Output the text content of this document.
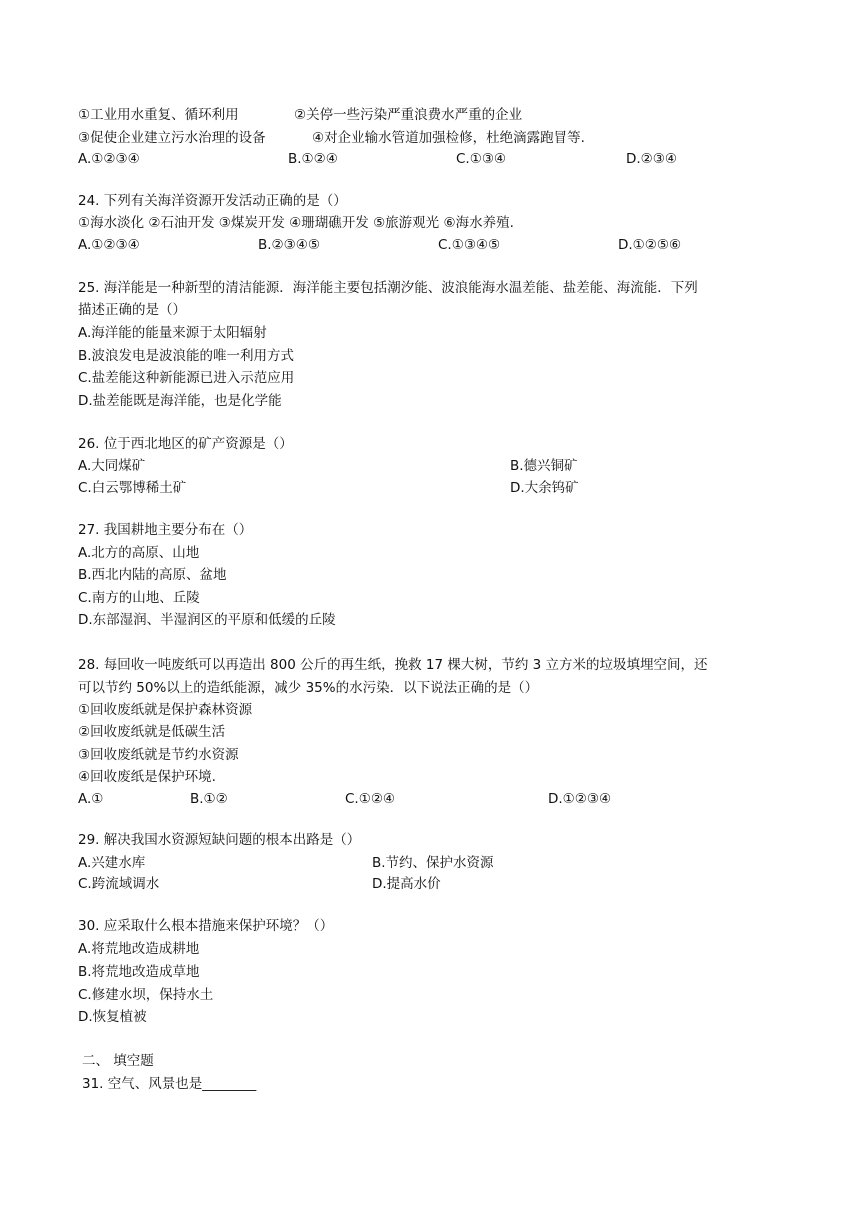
①工业用水重复、循环利用	②关停一些污染严重浪费水严重的企业
③促使企业建立污水治理的设备	④对企业输水管道加强检修，杜绝滴露跑冒等.
A.①②③④	B.①②④	C.①③④	D.②③④
24. 下列有关海洋资源开发活动正确的是（）
①海水淡化 ②石油开发 ③煤炭开发 ④珊瑚礁开发 ⑤旅游观光 ⑥海水养殖.
A.①②③④	B.②③④⑤	C.①③④⑤	D.①②⑤⑥
25. 海洋能是一种新型的清洁能源．海洋能主要包括潮汐能、波浪能海水温差能、盐差能、海流能．下列
描述正确的是（）
A.海洋能的能量来源于太阳辐射
B.波浪发电是波浪能的唯一利用方式
C.盐差能这种新能源已进入示范应用
D.盐差能既是海洋能，也是化学能
26. 位于西北地区的矿产资源是（）
A.大同煤矿	B.德兴铜矿
C.白云鄂博稀土矿	D.大余钨矿
27. 我国耕地主要分布在（）
A.北方的高原、山地
B.西北内陆的高原、盆地
C.南方的山地、丘陵
D.东部湿润、半湿润区的平原和低缓的丘陵
28. 每回收一吨废纸可以再造出 800 公斤的再生纸，挽救 17 棵大树，节约 3 立方米的垃圾填埋空间，还
可以节约 50%以上的造纸能源，减少 35%的水污染．以下说法正确的是（）
①回收废纸就是保护森林资源
②回收废纸就是低碳生活
③回收废纸就是节约水资源
④回收废纸是保护环境.
A.①	B.①②	C.①②④	D.①②③④
29. 解决我国水资源短缺问题的根本出路是（）
A.兴建水库	B.节约、保护水资源
C.跨流域调水	D.提高水价
30. 应采取什么根本措施来保护环境？（）
A.将荒地改造成耕地
B.将荒地改造成草地
C.修建水坝，保持水土
D.恢复植被
二、 填空题
31. 空气、风景也是________
